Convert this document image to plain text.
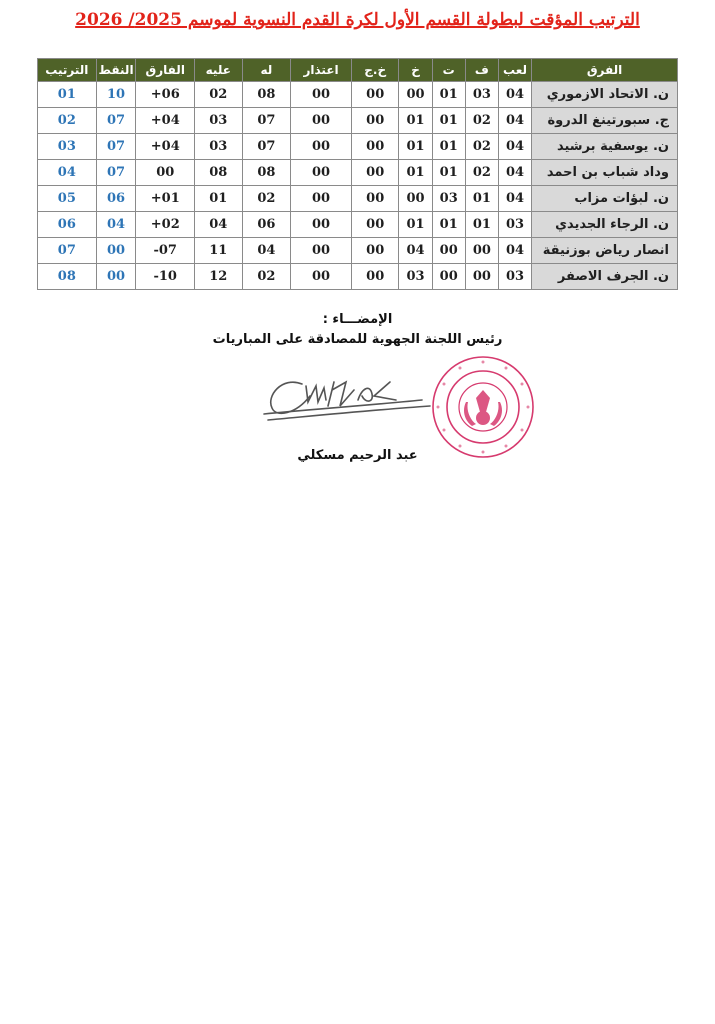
الترتيب المؤقت لبطولة القسم الأول لكرة القدم النسوية لموسم 2025/ 2026
الفرق	لعب	ف	ت	خ	خ.ج	اعتذار	له	عليه	الفارق	النقط	الترتيب
ن. الاتحاد الازموري	04	03	01	00	00	00	08	02	+06	10	01
ج. سبورتينغ الدروة	04	02	01	01	00	00	07	03	+04	07	02
ن. يوسفية برشيد	04	02	01	01	00	00	07	03	+04	07	03
وداد شباب بن احمد	04	02	01	01	00	00	08	08	00	07	04
ن. لبؤات مزاب	04	01	03	00	00	00	02	01	+01	06	05
ن. الرجاء الجديدي	03	01	01	01	00	00	06	04	+02	04	06
انصار رياض بوزنيقة	04	00	00	04	00	00	04	11	-07	00	07
ن. الجرف الاصفر	03	00	00	03	00	00	02	12	-10	00	08
الإمضـــاء :
رئيس اللجنة الجهوية للمصادقة على المباريات
عبد الرحيم مسكلي
